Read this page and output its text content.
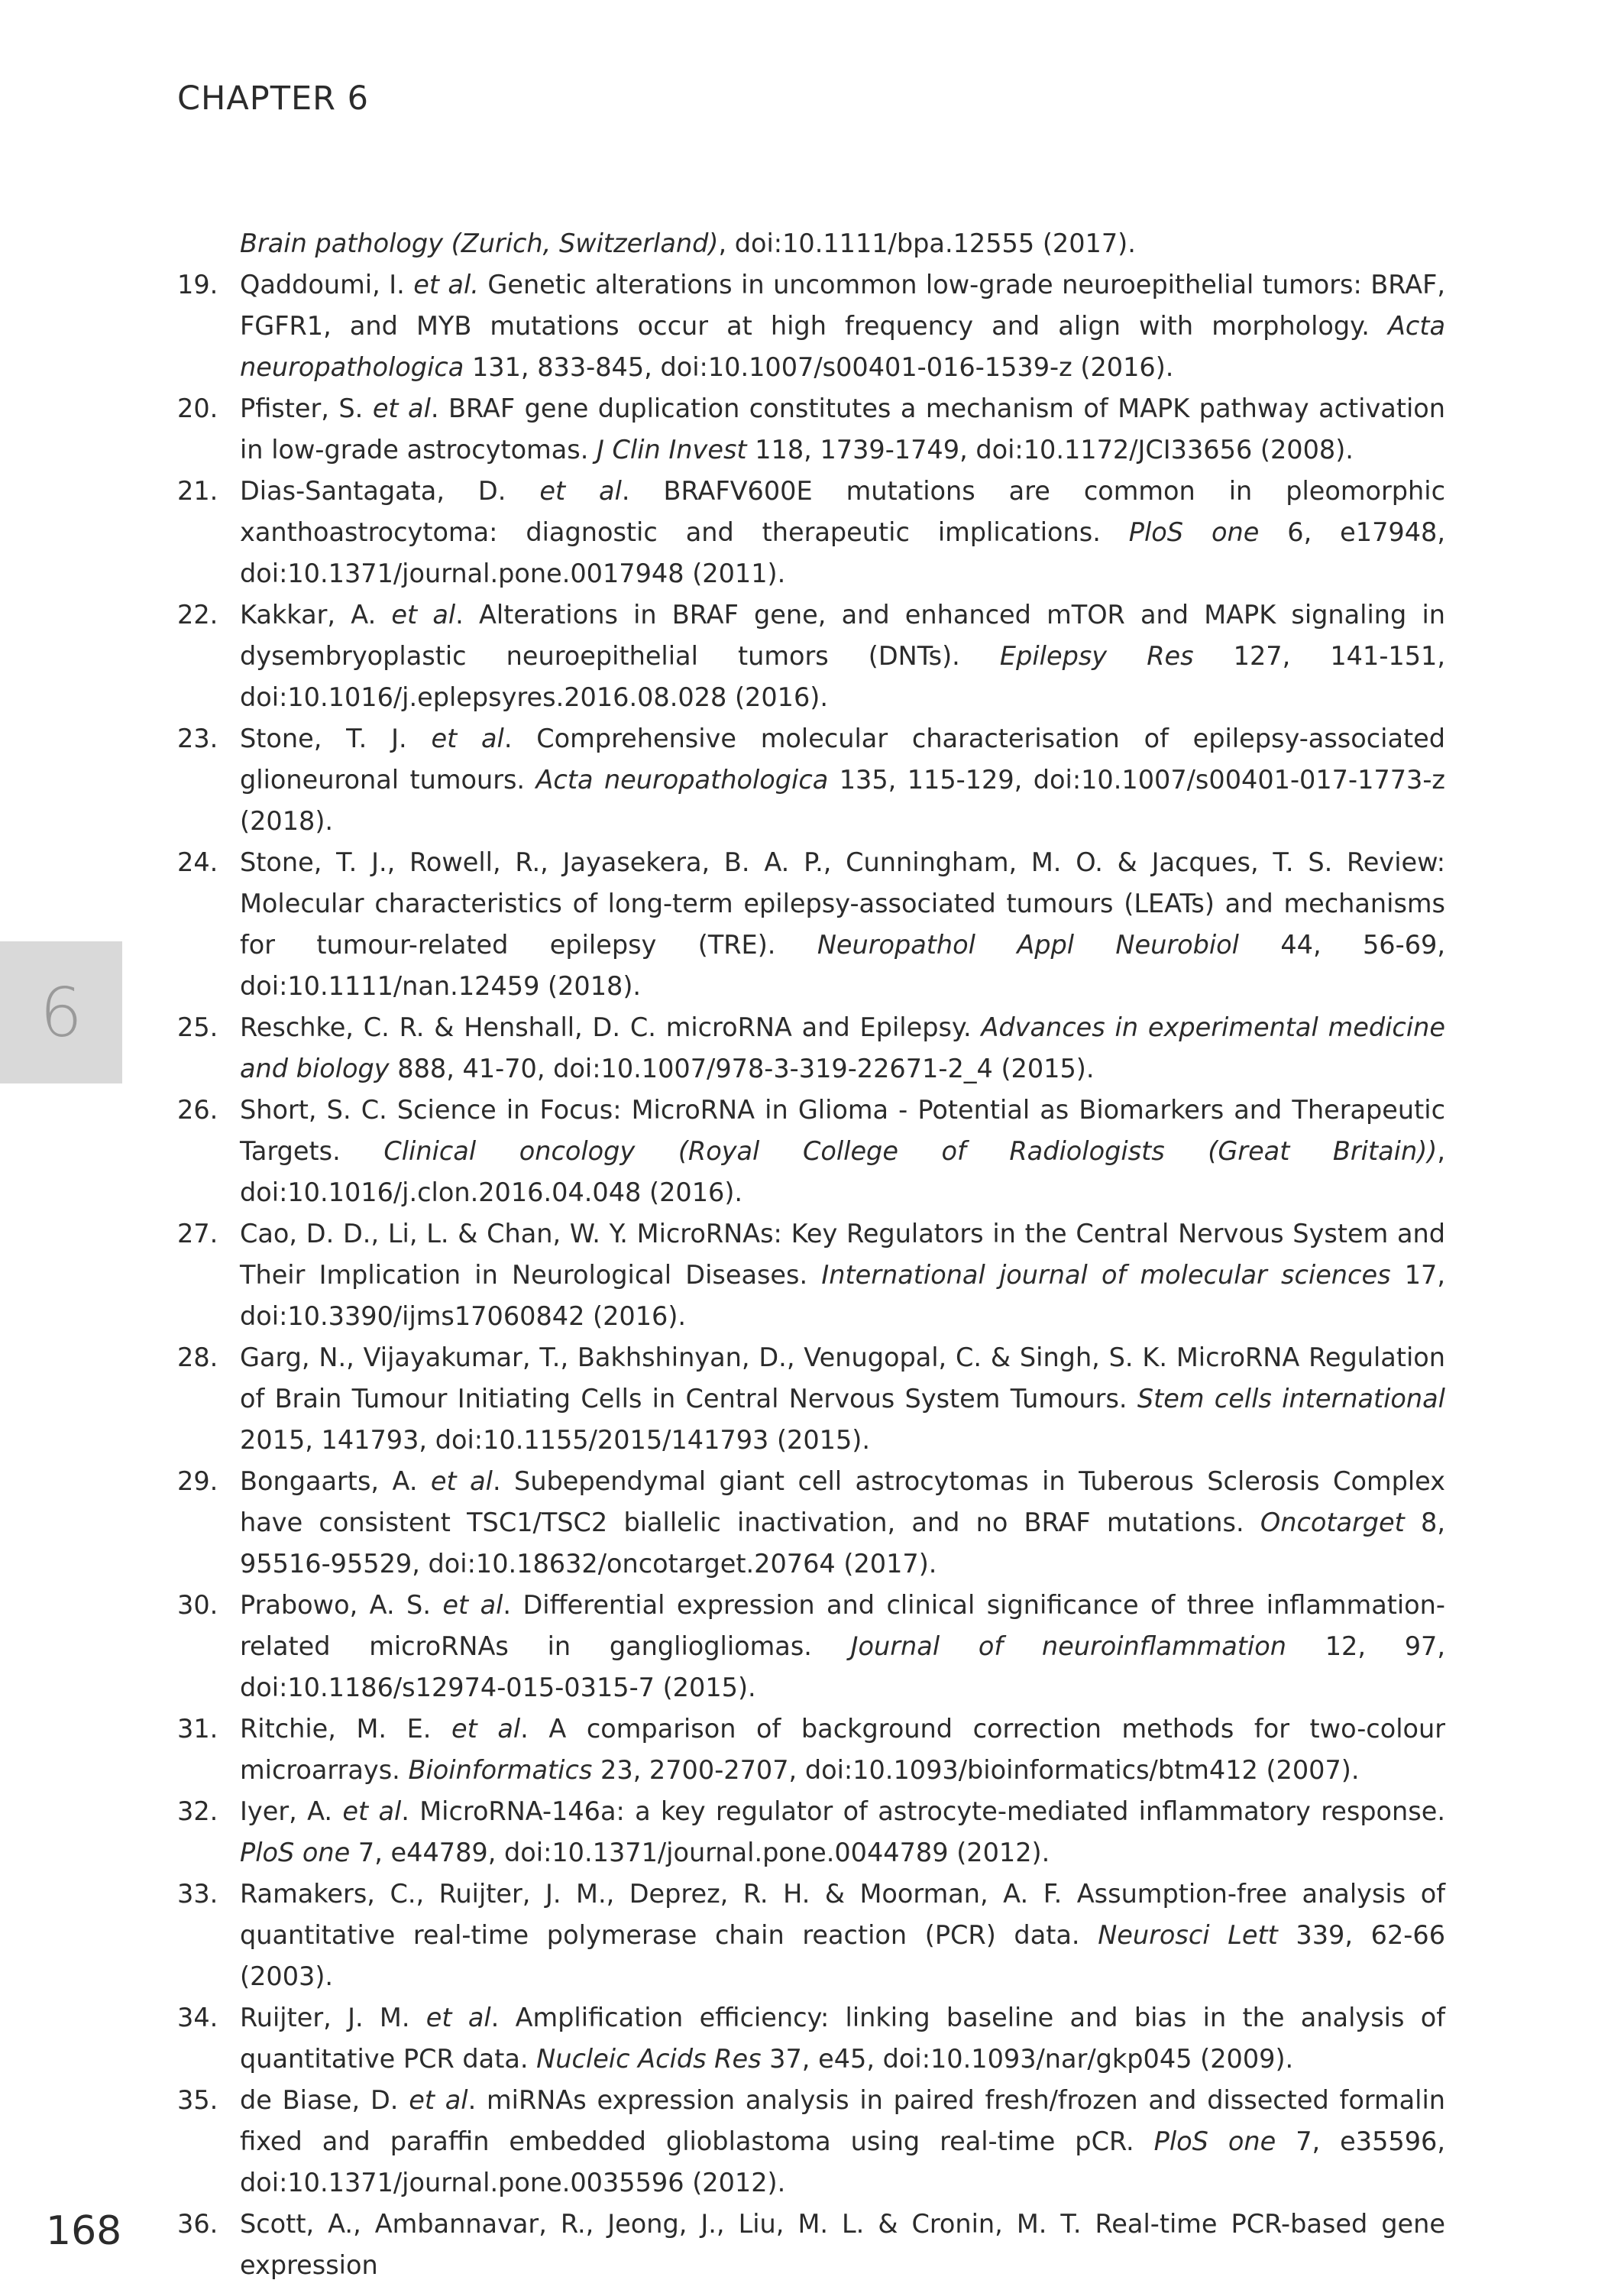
CHAPTER 6
6
Brain pathology (Zurich, Switzerland), doi:10.1111/bpa.12555 (2017).
19. Qaddoumi, I. et al. Genetic alterations in uncommon low-grade neuroepithelial tumors: BRAF, FGFR1, and MYB mutations occur at high frequency and align with morphology. Acta neuropathologica 131, 833-845, doi:10.1007/s00401-016-1539-z (2016).
20. Pfister, S. et al. BRAF gene duplication constitutes a mechanism of MAPK pathway activation in low-grade astrocytomas. J Clin Invest 118, 1739-1749, doi:10.1172/JCI33656 (2008).
21. Dias-Santagata, D. et al. BRAFV600E mutations are common in pleomorphic xanthoastrocytoma: diagnostic and therapeutic implications. PloS one 6, e17948, doi:10.1371/journal.pone.0017948 (2011).
22. Kakkar, A. et al. Alterations in BRAF gene, and enhanced mTOR and MAPK signaling in dysembryoplastic neuroepithelial tumors (DNTs). Epilepsy Res 127, 141-151, doi:10.1016/j.eplepsyres.2016.08.028 (2016).
23. Stone, T. J. et al. Comprehensive molecular characterisation of epilepsy-associated glioneuronal tumours. Acta neuropathologica 135, 115-129, doi:10.1007/s00401-017-1773-z (2018).
24. Stone, T. J., Rowell, R., Jayasekera, B. A. P., Cunningham, M. O. & Jacques, T. S. Review: Molecular characteristics of long-term epilepsy-associated tumours (LEATs) and mechanisms for tumour-related epilepsy (TRE). Neuropathol Appl Neurobiol 44, 56-69, doi:10.1111/nan.12459 (2018).
25. Reschke, C. R. & Henshall, D. C. microRNA and Epilepsy. Advances in experimental medicine and biology 888, 41-70, doi:10.1007/978-3-319-22671-2_4 (2015).
26. Short, S. C. Science in Focus: MicroRNA in Glioma - Potential as Biomarkers and Therapeutic Targets. Clinical oncology (Royal College of Radiologists (Great Britain)), doi:10.1016/j.clon.2016.04.048 (2016).
27. Cao, D. D., Li, L. & Chan, W. Y. MicroRNAs: Key Regulators in the Central Nervous System and Their Implication in Neurological Diseases. International journal of molecular sciences 17, doi:10.3390/ijms17060842 (2016).
28. Garg, N., Vijayakumar, T., Bakhshinyan, D., Venugopal, C. & Singh, S. K. MicroRNA Regulation of Brain Tumour Initiating Cells in Central Nervous System Tumours. Stem cells international 2015, 141793, doi:10.1155/2015/141793 (2015).
29. Bongaarts, A. et al. Subependymal giant cell astrocytomas in Tuberous Sclerosis Complex have consistent TSC1/TSC2 biallelic inactivation, and no BRAF mutations. Oncotarget 8, 95516-95529, doi:10.18632/oncotarget.20764 (2017).
30. Prabowo, A. S. et al. Differential expression and clinical significance of three inflammation-related microRNAs in gangliogliomas. Journal of neuroinflammation 12, 97, doi:10.1186/s12974-015-0315-7 (2015).
31. Ritchie, M. E. et al. A comparison of background correction methods for two-colour microarrays. Bioinformatics 23, 2700-2707, doi:10.1093/bioinformatics/btm412 (2007).
32. Iyer, A. et al. MicroRNA-146a: a key regulator of astrocyte-mediated inflammatory response. PloS one 7, e44789, doi:10.1371/journal.pone.0044789 (2012).
33. Ramakers, C., Ruijter, J. M., Deprez, R. H. & Moorman, A. F. Assumption-free analysis of quantitative real-time polymerase chain reaction (PCR) data. Neurosci Lett 339, 62-66 (2003).
34. Ruijter, J. M. et al. Amplification efficiency: linking baseline and bias in the analysis of quantitative PCR data. Nucleic Acids Res 37, e45, doi:10.1093/nar/gkp045 (2009).
35. de Biase, D. et al. miRNAs expression analysis in paired fresh/frozen and dissected formalin fixed and paraffin embedded glioblastoma using real-time pCR. PloS one 7, e35596, doi:10.1371/journal.pone.0035596 (2012).
36. Scott, A., Ambannavar, R., Jeong, J., Liu, M. L. & Cronin, M. T. Real-time PCR-based gene expression
168
